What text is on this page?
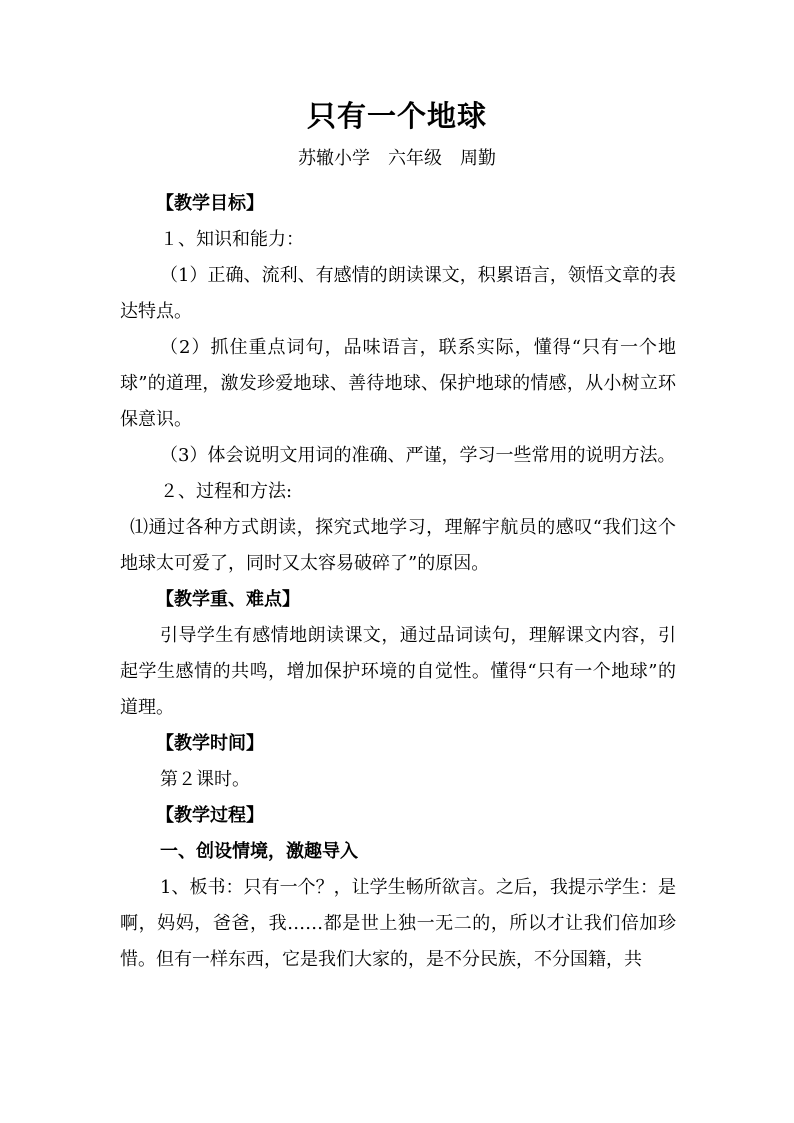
只有一个地球
苏辙小学　六年级　周勤

【教学目标】

１、知识和能力：

（1）正确、流利、有感情的朗读课文，积累语言，领悟文章的表达特点。

（2）抓住重点词句，品味语言，联系实际，懂得“只有一个地球”的道理，激发珍爱地球、善待地球、保护地球的情感，从小树立环保意识。

（3）体会说明文用词的准确、严谨，学习一些常用的说明方法。

２、过程和方法:

⑴通过各种方式朗读，探究式地学习，理解宇航员的感叹“我们这个地球太可爱了，同时又太容易破碎了”的原因。

【教学重、难点】

引导学生有感情地朗读课文，通过品词读句，理解课文内容，引起学生感情的共鸣，增加保护环境的自觉性。懂得“只有一个地球”的道理。

【教学时间】

第２课时。

【教学过程】

一、创设情境，激趣导入

1、板书：只有一个？，让学生畅所欲言。之后，我提示学生：是啊，妈妈，爸爸，我……都是世上独一无二的，所以才让我们倍加珍惜。但有一样东西，它是我们大家的，是不分民族，不分国籍，共
